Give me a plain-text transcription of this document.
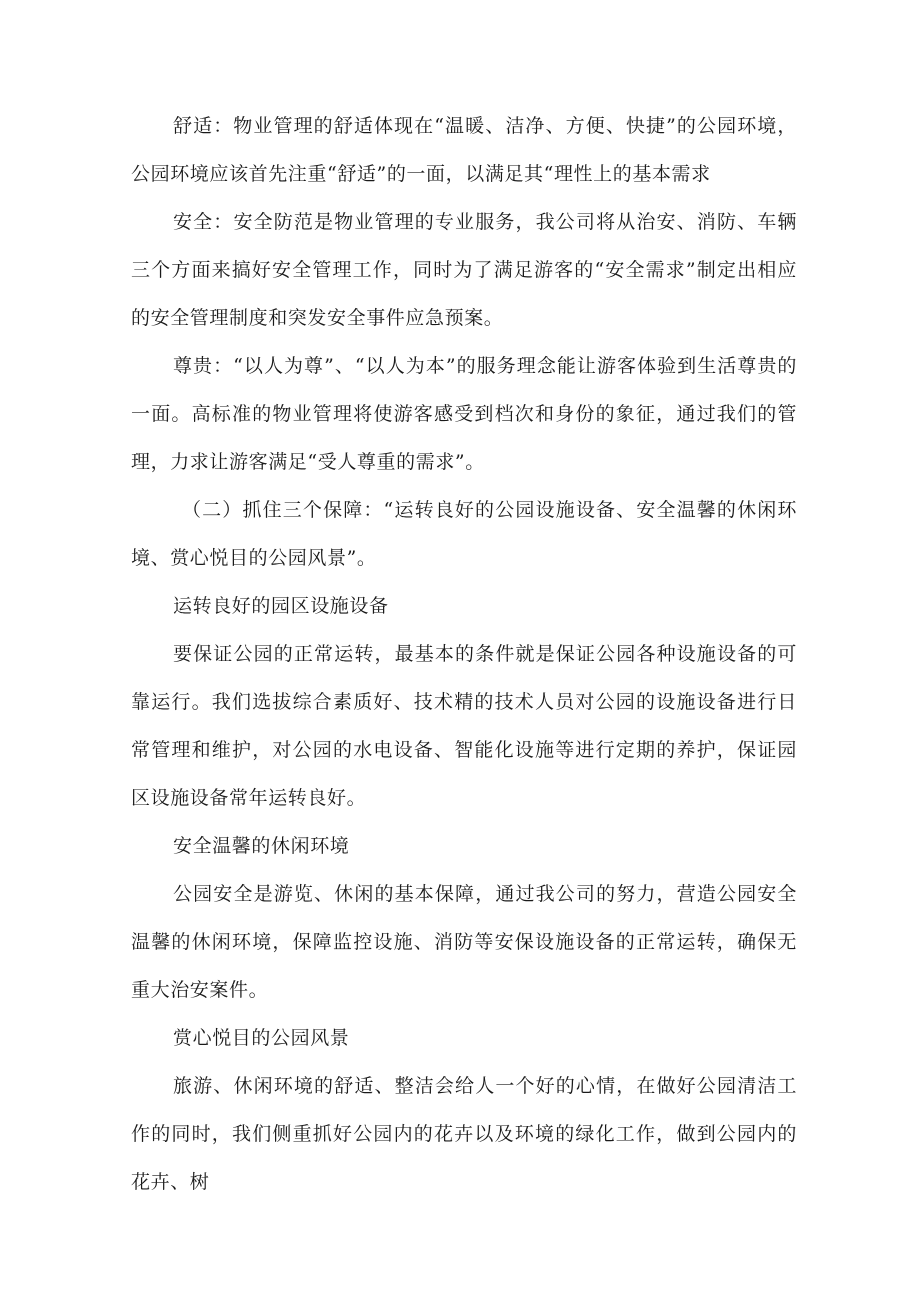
舒适：物业管理的舒适体现在“温暖、洁净、方便、快捷”的公园环境，公园环境应该首先注重“舒适”的一面，以满足其“理性上的基本需求

安全：安全防范是物业管理的专业服务，我公司将从治安、消防、车辆三个方面来搞好安全管理工作，同时为了满足游客的“安全需求”制定出相应的安全管理制度和突发安全事件应急预案。

尊贵：“以人为尊”、“以人为本”的服务理念能让游客体验到生活尊贵的一面。高标准的物业管理将使游客感受到档次和身份的象征，通过我们的管理，力求让游客满足“受人尊重的需求”。

（二）抓住三个保障：“运转良好的公园设施设备、安全温馨的休闲环境、赏心悦目的公园风景”。

运转良好的园区设施设备

要保证公园的正常运转，最基本的条件就是保证公园各种设施设备的可靠运行。我们选拔综合素质好、技术精的技术人员对公园的设施设备进行日常管理和维护，对公园的水电设备、智能化设施等进行定期的养护，保证园区设施设备常年运转良好。

安全温馨的休闲环境

公园安全是游览、休闲的基本保障，通过我公司的努力，营造公园安全温馨的休闲环境，保障监控设施、消防等安保设施设备的正常运转，确保无重大治安案件。

赏心悦目的公园风景

旅游、休闲环境的舒适、整洁会给人一个好的心情，在做好公园清洁工作的同时，我们侧重抓好公园内的花卉以及环境的绿化工作，做到公园内的花卉、树
